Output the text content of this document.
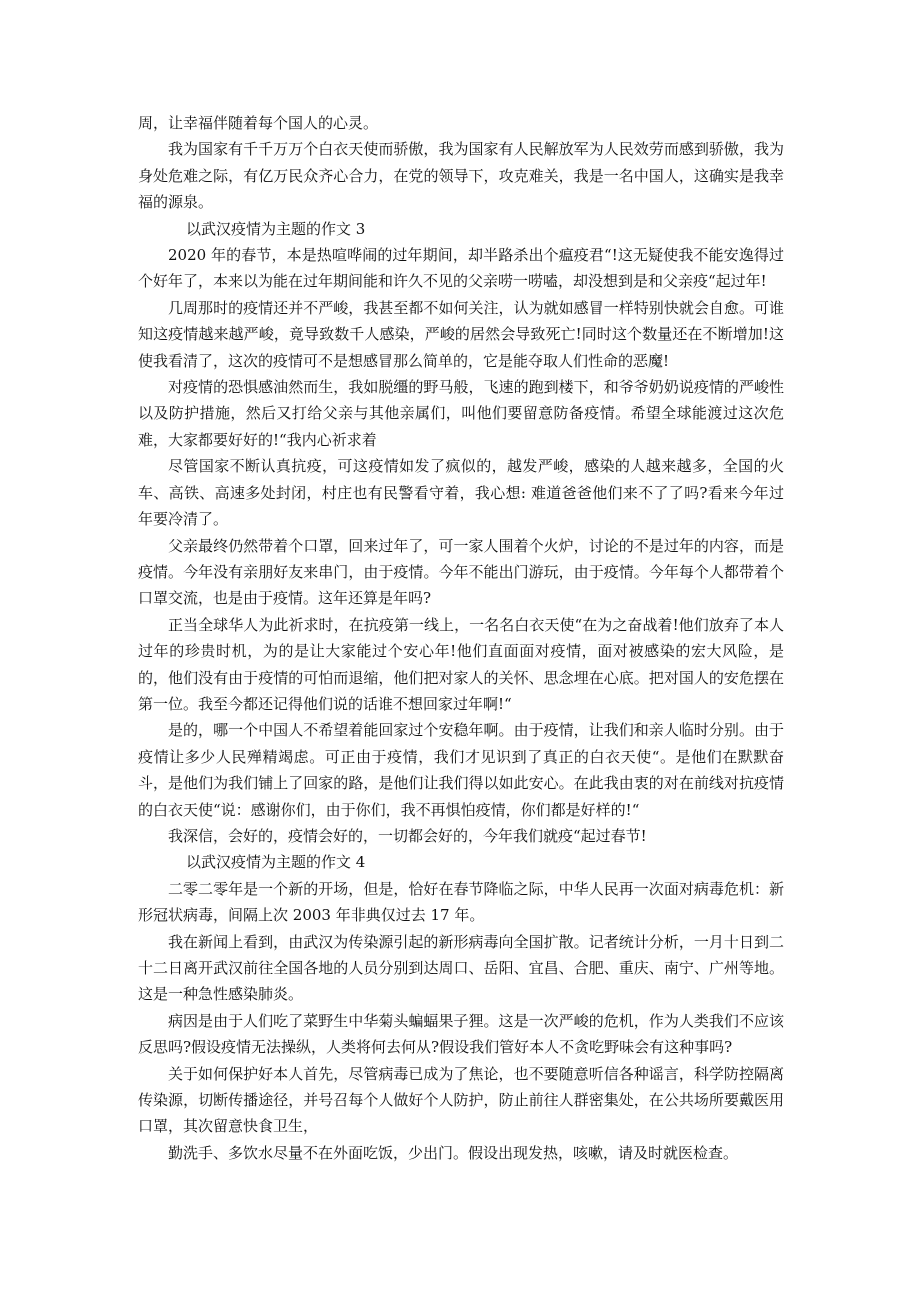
周，让幸福伴随着每个国人的心灵。

我为国家有千千万万个白衣天使而骄傲，我为国家有人民解放军为人民效劳而感到骄傲，我为身处危难之际，有亿万民众齐心合力，在党的领导下，攻克难关，我是一名中国人，这确实是我幸福的源泉。

以武汉疫情为主题的作文 3

2020 年的春节，本是热喧哗闹的过年期间，却半路杀出个瘟疫君“!这无疑使我不能安逸得过个好年了，本来以为能在过年期间能和许久不见的父亲唠一唠嗑，却没想到是和父亲疫“起过年!

几周那时的疫情还并不严峻，我甚至都不如何关注，认为就如感冒一样特别快就会自愈。可谁知这疫情越来越严峻，竟导致数千人感染，严峻的居然会导致死亡!同时这个数量还在不断增加!这使我看清了，这次的疫情可不是想感冒那么简单的，它是能夺取人们性命的恶魔!

对疫情的恐惧感油然而生，我如脱缰的野马般，飞速的跑到楼下，和爷爷奶奶说疫情的严峻性以及防护措施，然后又打给父亲与其他亲属们，叫他们要留意防备疫情。希望全球能渡过这次危难，大家都要好好的!“我内心祈求着

尽管国家不断认真抗疫，可这疫情如发了疯似的，越发严峻，感染的人越来越多，全国的火车、高铁、高速多处封闭，村庄也有民警看守着，我心想: 难道爸爸他们来不了了吗?看来今年过年要冷清了。

父亲最终仍然带着个口罩，回来过年了，可一家人围着个火炉，讨论的不是过年的内容，而是疫情。今年没有亲朋好友来串门，由于疫情。今年不能出门游玩，由于疫情。今年每个人都带着个口罩交流，也是由于疫情。这年还算是年吗?

正当全球华人为此祈求时，在抗疫第一线上，一名名白衣天使“在为之奋战着!他们放弃了本人过年的珍贵时机，为的是让大家能过个安心年!他们直面面对疫情，面对被感染的宏大风险，是的，他们没有由于疫情的可怕而退缩，他们把对家人的关怀、思念埋在心底。把对国人的安危摆在第一位。我至今都还记得他们说的话谁不想回家过年啊!“

是的，哪一个中国人不希望着能回家过个安稳年啊。由于疫情，让我们和亲人临时分别。由于疫情让多少人民殚精竭虑。可正由于疫情，我们才见识到了真正的白衣天使“。是他们在默默奋斗，是他们为我们铺上了回家的路，是他们让我们得以如此安心。在此我由衷的对在前线对抗疫情的白衣天使“说：感谢你们，由于你们，我不再惧怕疫情，你们都是好样的!“

我深信，会好的，疫情会好的，一切都会好的，今年我们就疫“起过春节!

以武汉疫情为主题的作文 4

二零二零年是一个新的开场，但是，恰好在春节降临之际，中华人民再一次面对病毒危机：新形冠状病毒，间隔上次 2003 年非典仅过去 17 年。

我在新闻上看到，由武汉为传染源引起的新形病毒向全国扩散。记者统计分析，一月十日到二十二日离开武汉前往全国各地的人员分别到达周口、岳阳、宜昌、合肥、重庆、南宁、广州等地。这是一种急性感染肺炎。

病因是由于人们吃了菜野生中华菊头蝙蝠果子狸。这是一次严峻的危机，作为人类我们不应该反思吗?假设疫情无法操纵，人类将何去何从?假设我们管好本人不贪吃野味会有这种事吗?

关于如何保护好本人首先，尽管病毒已成为了焦论，也不要随意听信各种谣言，科学防控隔离传染源，切断传播途径，并号召每个人做好个人防护，防止前往人群密集处，在公共场所要戴医用口罩，其次留意快食卫生，

勤洗手、多饮水尽量不在外面吃饭，少出门。假设出现发热，咳嗽，请及时就医检查。
